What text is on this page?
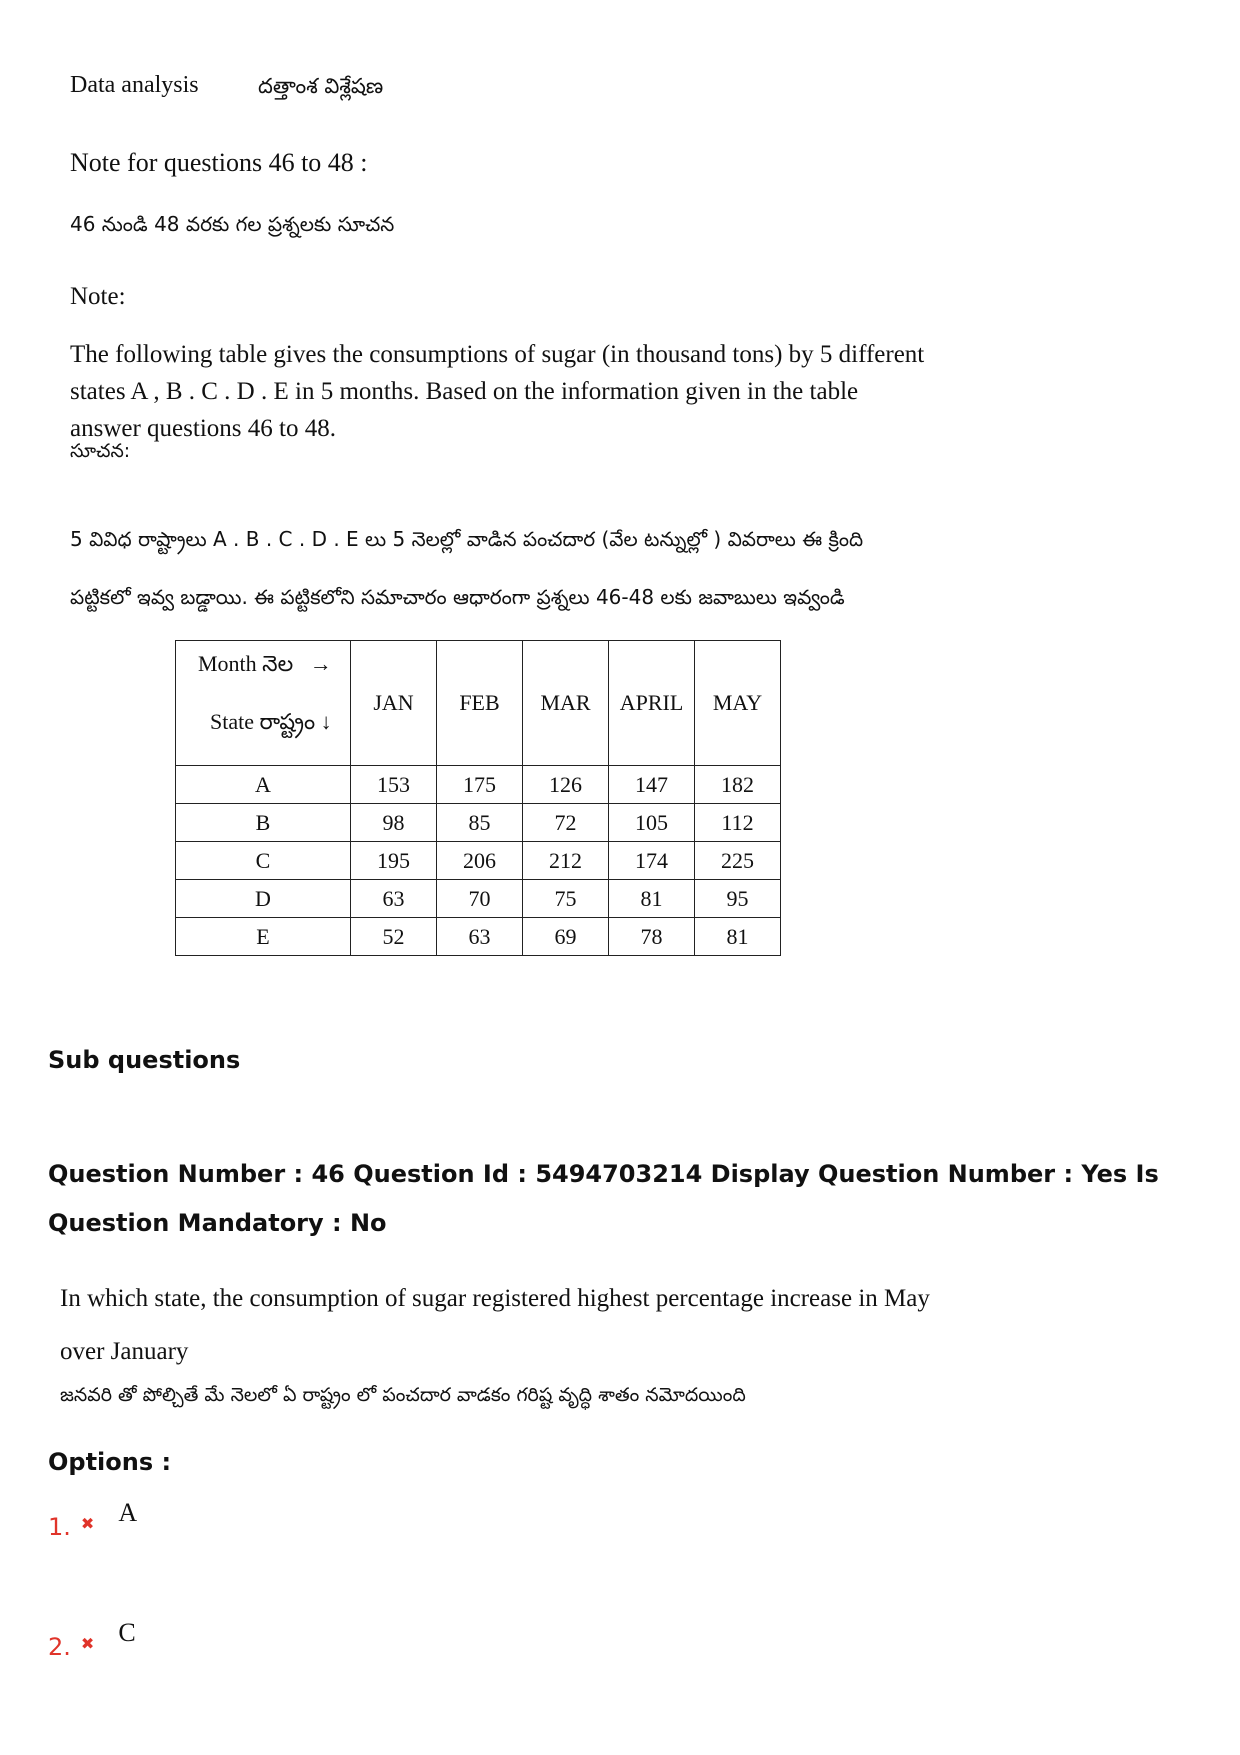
Data analysis	దత్తాంశ విశ్లేషణ
Note for questions 46 to 48 :
46 నుండి 48 వరకు గల ప్రశ్నలకు సూచన
Note:
The following table gives the consumptions of sugar (in thousand tons) by 5 different states A , B . C . D . E in 5 months. Based on the information given in the table answer questions 46 to 48.
సూచన:
5 వివిధ రాష్ట్రాలు A . B . C . D . E లు 5 నెలల్లో వాడిన పంచదార (వేల టన్నుల్లో ) వివరాలు ఈ క్రింది పట్టికలో ఇవ్వ బడ్డాయి. ఈ పట్టికలోని సమాచారం ఆధారంగా ప్రశ్నలు 46-48 లకు జవాబులు ఇవ్వండి
Month నెల →
State రాష్ట్రం ↓	JAN	FEB	MAR	APRIL	MAY
A	153	175	126	147	182
B	98	85	72	105	112
C	195	206	212	174	225
D	63	70	75	81	95
E	52	63	69	78	81
Sub questions
Question Number : 46 Question Id : 5494703214 Display Question Number : Yes Is Question Mandatory : No
In which state, the consumption of sugar registered highest percentage increase in May over January
జనవరి తో పోల్చితే మే నెలలో ఏ రాష్ట్రం లో పంచదార వాడకం గరిష్ట వృద్ధి శాతం నమోదయింది
Options :
1. ✖ A
2. ✖ C
